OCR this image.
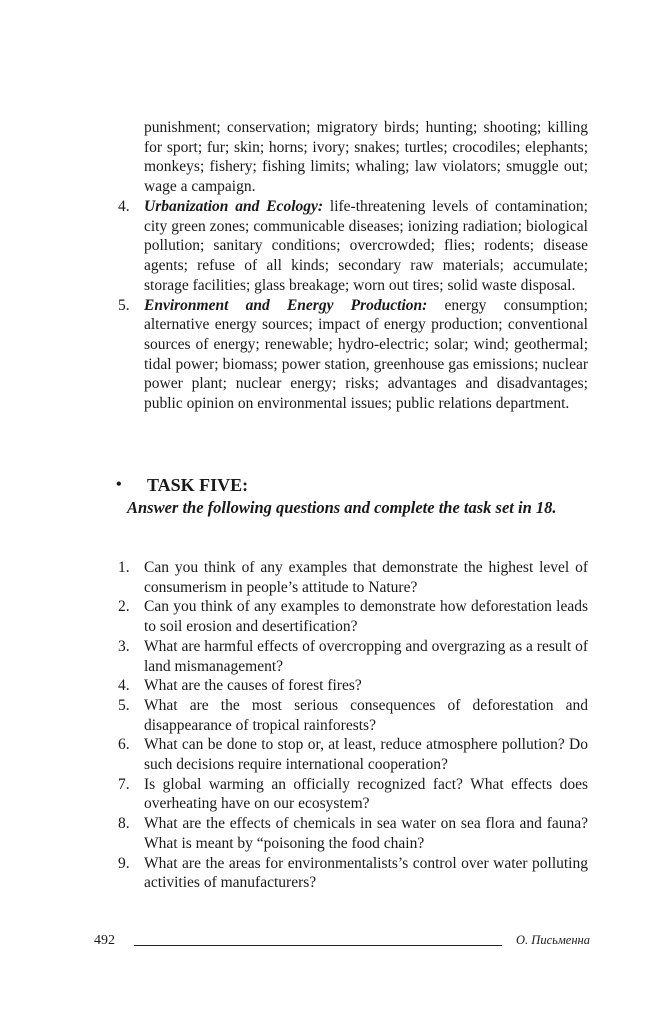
punishment; conservation; migratory birds; hunting; shooting; killing for sport; fur; skin; horns; ivory; snakes; turtles; crocodiles; elephants; monkeys; fishery; fishing limits; whaling; law violators; smuggle out; wage a campaign.

4. Urbanization and Ecology: life-threatening levels of contamination; city green zones; communicable diseases; ionizing radiation; biological pollution; sanitary conditions; overcrowded; flies; rodents; disease agents; refuse of all kinds; secondary raw materials; accumulate; storage facilities; glass breakage; worn out tires; solid waste disposal.
5. Environment and Energy Production: energy consumption; alternative energy sources; impact of energy production; conventional sources of energy; renewable; hydro-electric; solar; wind; geothermal; tidal power; biomass; power station, greenhouse gas emissions; nuclear power plant; nuclear energy; risks; advantages and disadvantages; public opinion on environmental issues; public relations department.
•	TASK FIVE:

Answer the following questions and complete the task set in 18.

1. Can you think of any examples that demonstrate the highest level of consumerism in people’s attitude to Nature?
2. Can you think of any examples to demonstrate how deforestation leads to soil erosion and desertification?
3. What are harmful effects of overcropping and overgrazing as a result of land mismanagement?
4. What are the causes of forest fires?
5. What are the most serious consequences of deforestation and disappearance of tropical rainforests?
6. What can be done to stop or, at least, reduce atmosphere pollution? Do such decisions require international cooperation?
7. Is global warming an officially recognized fact? What effects does overheating have on our ecosystem?
8. What are the effects of chemicals in sea water on sea flora and fauna? What is meant by “poisoning the food chain?
9. What are the areas for environmentalists’s control over water polluting activities of manufacturers?
492	О. Письменна
